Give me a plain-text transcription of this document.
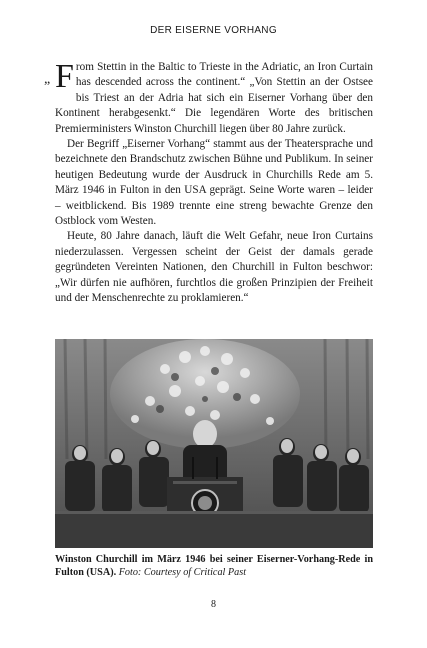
DER EISERNE VORHANG

„ F rom Stettin in the Baltic to Trieste in the Adriatic, an Iron Curtain has descended across the continent.“ „Von Stettin an der Ostsee bis Triest an der Adria hat sich ein Eiserner Vorhang über den Kontinent herabgesenkt.“ Die legendären Worte des britischen Premierministers Winston Churchill liegen über 80 Jahre zurück.

Der Begriff „Eiserner Vorhang“ stammt aus der Theatersprache und bezeichnete den Brandschutz zwischen Bühne und Publikum. In seiner heutigen Bedeutung wurde der Ausdruck in Churchills Rede am 5. März 1946 in Fulton in den USA geprägt. Seine Worte waren – leider – weitblickend. Bis 1989 trennte eine streng bewachte Grenze den Ostblock vom Westen.

Heute, 80 Jahre danach, läuft die Welt Gefahr, neue Iron Curtains niederzulassen. Vergessen scheint der Geist der damals gerade gegründeten Vereinten Nationen, den Churchill in Fulton beschwor: „Wir dürfen nie aufhören, furchtlos die großen Prinzipien der Freiheit und der Menschenrechte zu proklamieren.“

Winston Churchill im März 1946 bei seiner Eiserner-Vorhang-Rede in Fulton (USA). Foto: Courtesy of Critical Past
8
